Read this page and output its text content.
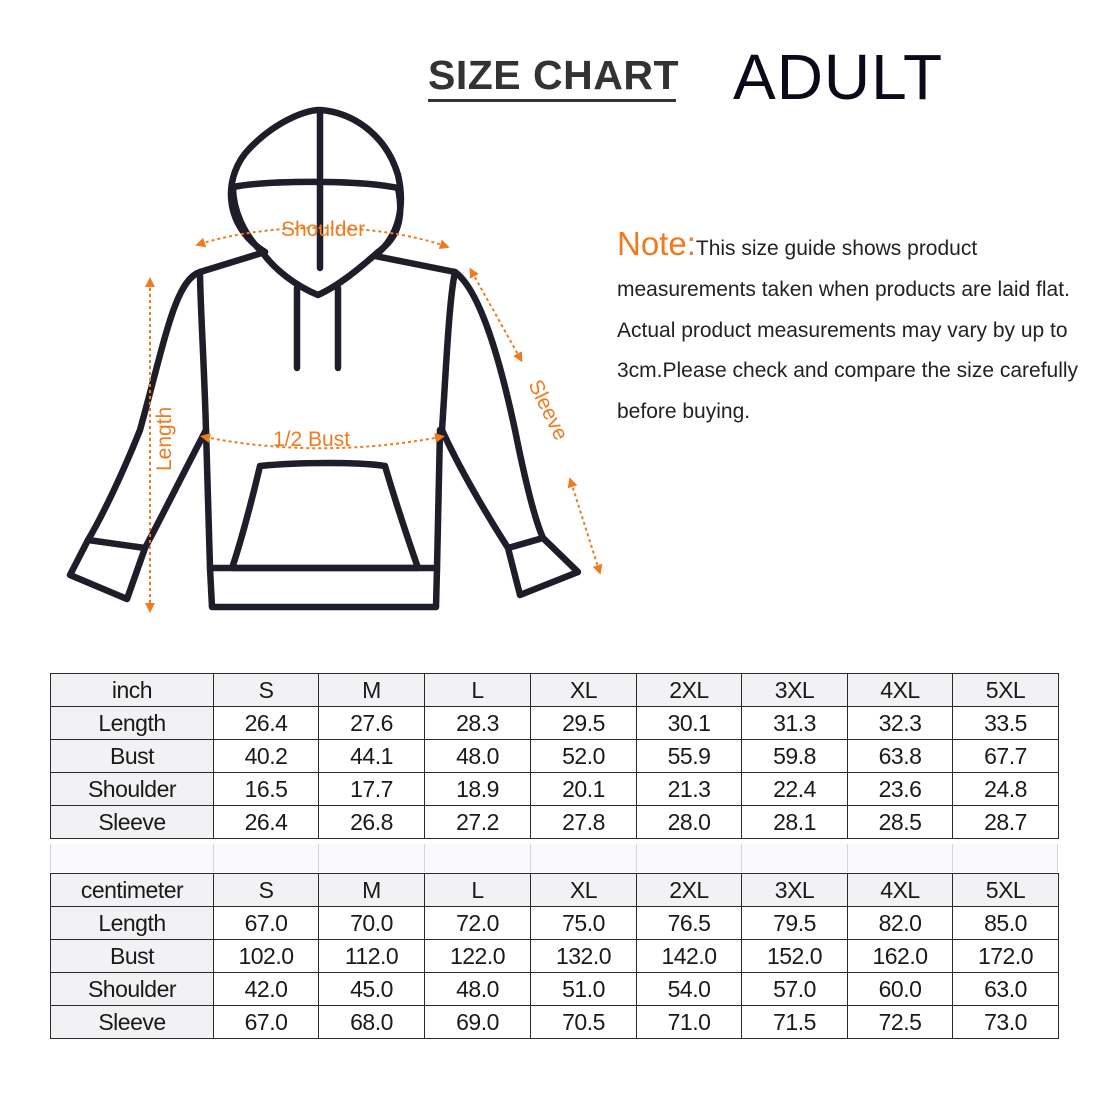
SIZE CHART ADULT
Shoulder
1/2 Bust
Length	Sleeve
Note:This size guide shows product measurements taken when products are laid flat. Actual product measurements may vary by up to 3cm.Please check and compare the size carefully before buying.
inch	S	M	L	XL	2XL	3XL	4XL	5XL
Length	26.4	27.6	28.3	29.5	30.1	31.3	32.3	33.5
Bust	40.2	44.1	48.0	52.0	55.9	59.8	63.8	67.7
Shoulder	16.5	17.7	18.9	20.1	21.3	22.4	23.6	24.8
Sleeve	26.4	26.8	27.2	27.8	28.0	28.1	28.5	28.7
centimeter	S	M	L	XL	2XL	3XL	4XL	5XL
Length	67.0	70.0	72.0	75.0	76.5	79.5	82.0	85.0
Bust	102.0	112.0	122.0	132.0	142.0	152.0	162.0	172.0
Shoulder	42.0	45.0	48.0	51.0	54.0	57.0	60.0	63.0
Sleeve	67.0	68.0	69.0	70.5	71.0	71.5	72.5	73.0
